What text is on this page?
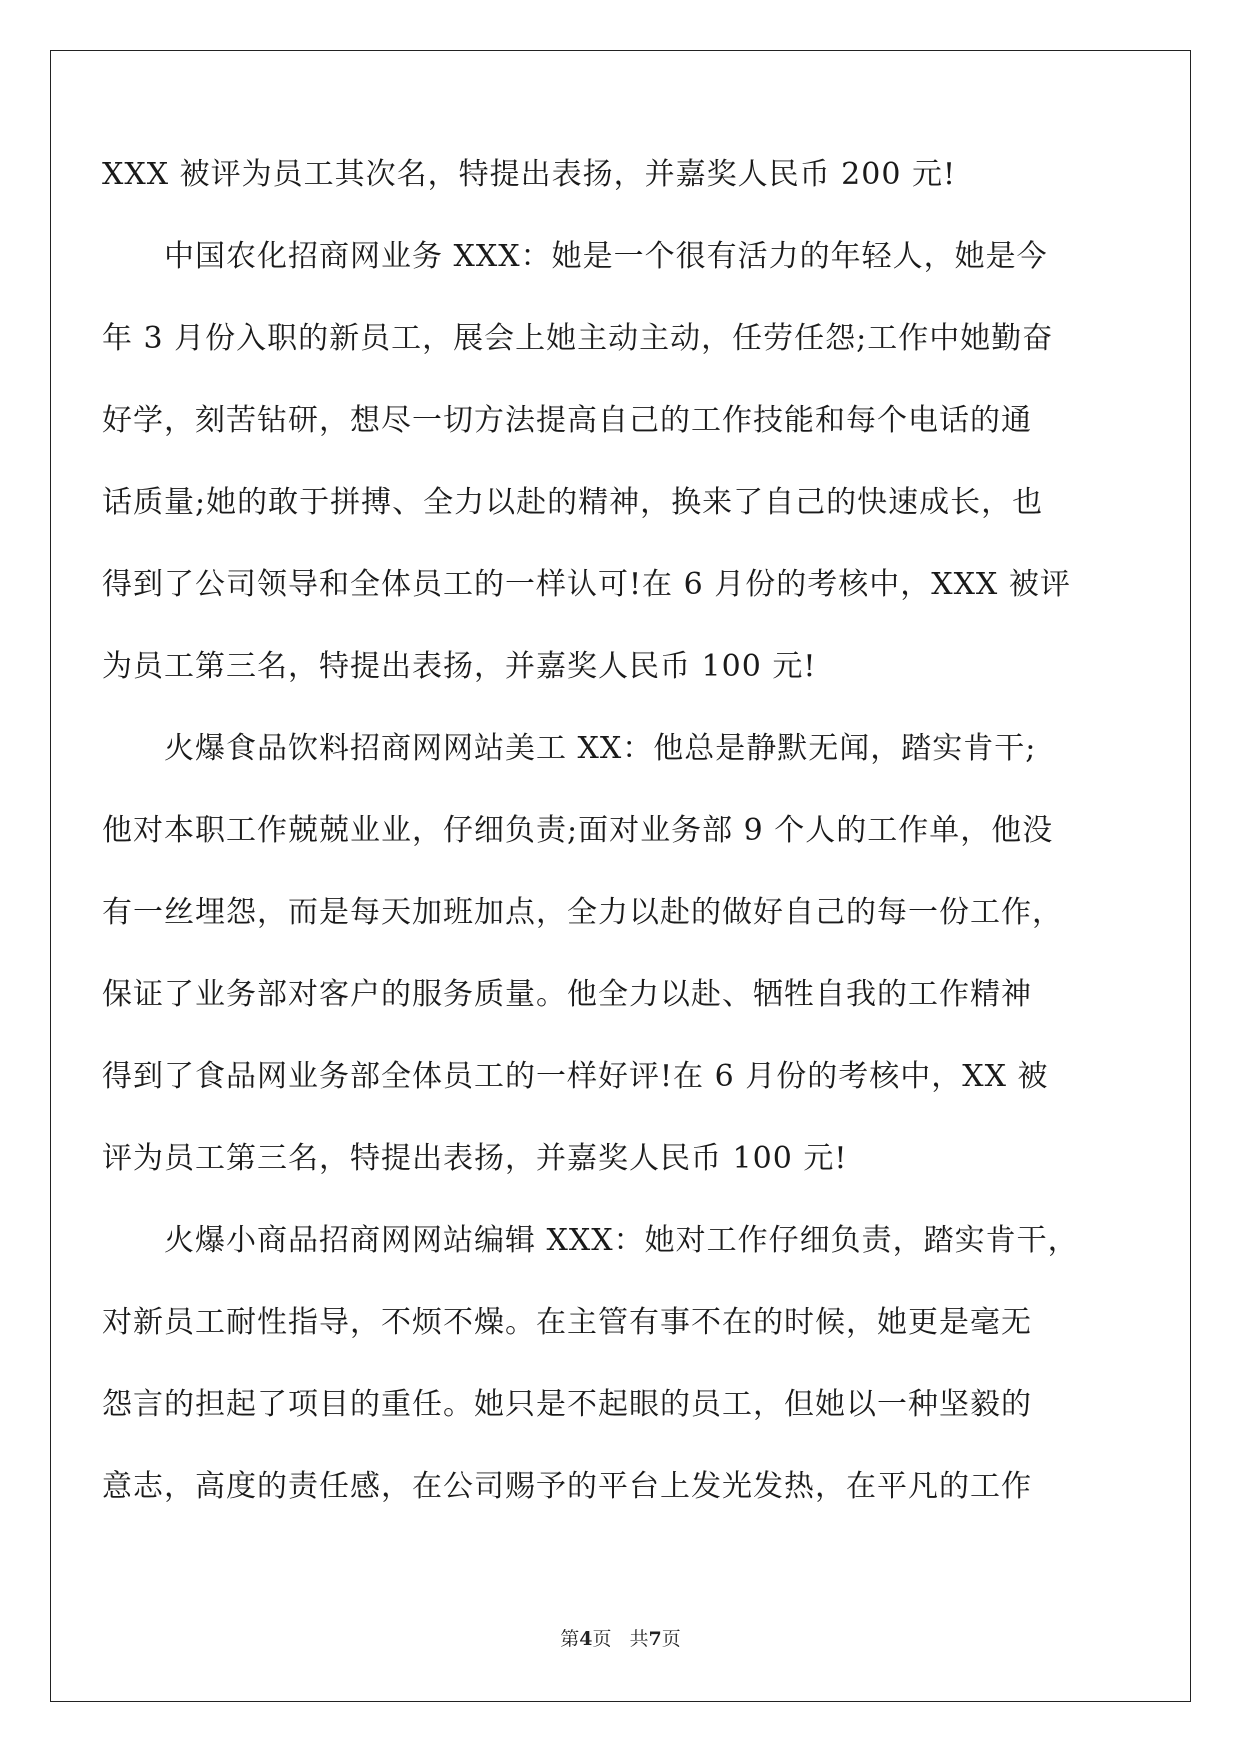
XXX 被评为员工其次名，特提出表扬，并嘉奖人民币 200 元!
中国农化招商网业务 XXX：她是一个很有活力的年轻人，她是今
年 3 月份入职的新员工，展会上她主动主动，任劳任怨;工作中她勤奋
好学，刻苦钻研，想尽一切方法提高自己的工作技能和每个电话的通
话质量;她的敢于拼搏、全力以赴的精神，换来了自己的快速成长，也
得到了公司领导和全体员工的一样认可!在 6 月份的考核中，XXX 被评
为员工第三名，特提出表扬，并嘉奖人民币 100 元!
火爆食品饮料招商网网站美工 XX：他总是静默无闻，踏实肯干;
他对本职工作兢兢业业，仔细负责;面对业务部 9 个人的工作单，他没
有一丝埋怨，而是每天加班加点，全力以赴的做好自己的每一份工作，
保证了业务部对客户的服务质量。他全力以赴、牺牲自我的工作精神
得到了食品网业务部全体员工的一样好评!在 6 月份的考核中，XX 被
评为员工第三名，特提出表扬，并嘉奖人民币 100 元!
火爆小商品招商网网站编辑 XXX：她对工作仔细负责，踏实肯干，
对新员工耐性指导，不烦不燥。在主管有事不在的时候，她更是毫无
怨言的担起了项目的重任。她只是不起眼的员工，但她以一种坚毅的
意志，高度的责任感，在公司赐予的平台上发光发热，在平凡的工作
第4页 共7页
